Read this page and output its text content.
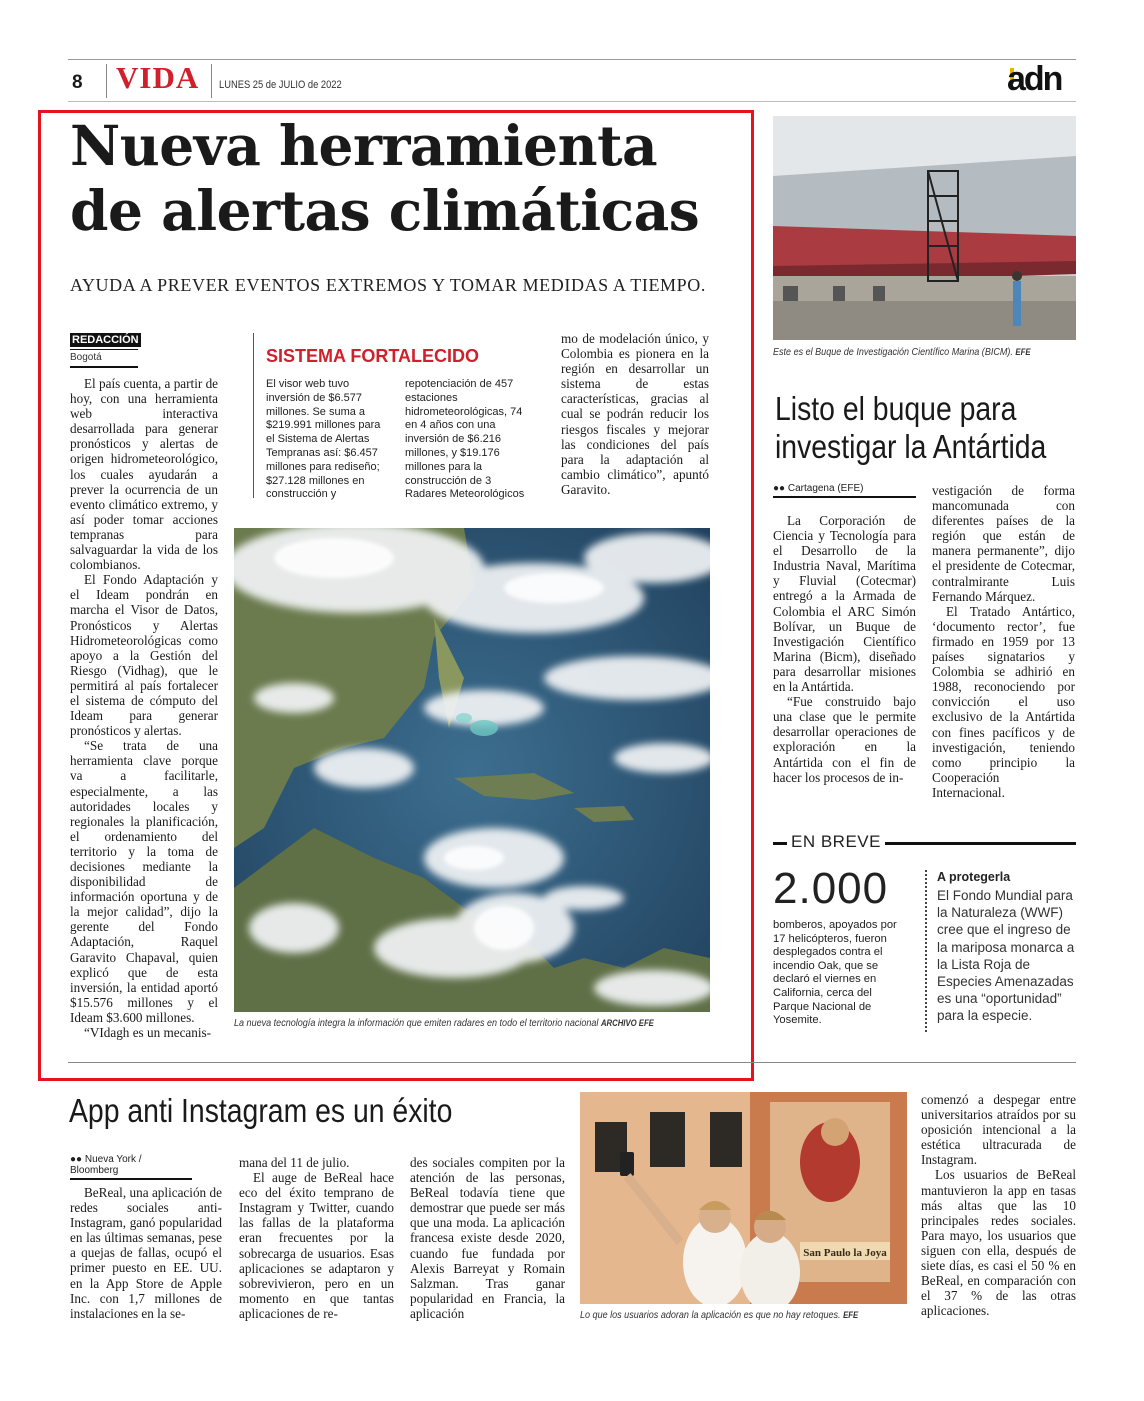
8 VIDA LUNES 25 de JULIO de 2022	adn
Nueva herramienta de alertas climáticas
AYUDA A PREVER EVENTOS EXTREMOS Y TOMAR MEDIDAS A TIEMPO.
REDACCIÓN
Bogotá

El país cuenta, a partir de hoy, con una herramienta web interactiva desarrollada para generar pronósticos y alertas de origen hidrometeorológico, los cuales ayudarán a prever la ocurrencia de un evento climático extremo, y así poder tomar acciones tempranas para salvaguardar la vida de los colombianos.

El Fondo Adaptación y el Ideam pondrán en marcha el Visor de Datos, Pronósticos y Alertas Hidrometeorológicas como apoyo a la Gestión del Riesgo (Vidhag), que le permitirá al país fortalecer el sistema de cómputo del Ideam para generar pronósticos y alertas.

“Se trata de una herramienta clave porque va a facilitarle, especialmente, a las autoridades locales y regionales la planificación, el ordenamiento del territorio y la toma de decisiones mediante la disponibilidad de información oportuna y de la mejor calidad”, dijo la gerente del Fondo Adaptación, Raquel Garavito Chapaval, quien explicó que de esta inversión, la entidad aportó $15.576 millones y el Ideam $3.600 millones.

“VIdagh es un mecanis-

SISTEMA FORTALECIDO
El visor web tuvo inversión de $6.577 millones. Se suma a $219.991 millones para el Sistema de Alertas Tempranas así: $6.457 millones para rediseño; $27.128 millones en construcción y
repotenciación de 457 estaciones hidrometeorológicas, 74 en 4 años con una inversión de $6.216 millones, y $19.176 millones para la construcción de 3 Radares Meteorológicos
mo de modelación único, y Colombia es pionera en la región en desarrollar un sistema de estas características, gracias al cual se podrán reducir los riesgos fiscales y mejorar las condiciones del país para la adaptación al cambio climático”, apuntó Garavito.
La nueva tecnología integra la información que emiten radares en todo el territorio nacional ARCHIVO EFE
Este es el Buque de Investigación Científico Marina (BICM). EFE
Listo el buque para investigar la Antártida
●● Cartagena (EFE)

La Corporación de Ciencia y Tecnología para el Desarrollo de la Industria Naval, Marítima y Fluvial (Cotecmar) entregó a la Armada de Colombia el ARC Simón Bolívar, un Buque de Investigación Científico Marina (Bicm), diseñado para desarrollar misiones en la Antártida.

“Fue construido bajo una clase que le permite desarrollar operaciones de exploración en la Antártida con el fin de hacer los procesos de in-

vestigación de forma mancomunada con diferentes países de la región que están de manera permanente”, dijo el presidente de Cotecmar, contralmirante Luis Fernando Márquez.

El Tratado Antártico, ‘documento rector’, fue firmado en 1959 por 13 países signatarios y Colombia se adhirió en 1988, reconociendo por convicción el uso exclusivo de la Antártida con fines pacíficos y de investigación, teniendo como principio la Cooperación Internacional.

EN BREVE
2.000
bomberos, apoyados por 17 helicópteros, fueron desplegados contra el incendio Oak, que se declaró el viernes en California, cerca del Parque Nacional de Yosemite.
A protegerla
El Fondo Mundial para la Naturaleza (WWF) cree que el ingreso de la mariposa monarca a la Lista Roja de Especies Amenazadas es una “oportunidad” para la especie.
App anti Instagram es un éxito
●● Nueva York / Bloomberg

BeReal, una aplicación de redes sociales anti-Instagram, ganó popularidad en las últimas semanas, pese a quejas de fallas, ocupó el primer puesto en EE. UU. en la App Store de Apple Inc. con 1,7 millones de instalaciones en la se-

mana del 11 de julio.

El auge de BeReal hace eco del éxito temprano de Instagram y Twitter, cuando las fallas de la plataforma eran frecuentes por la sobrecarga de usuarios. Esas aplicaciones se adaptaron y sobrevivieron, pero en un momento en que tantas aplicaciones de re-

des sociales compiten por la atención de las personas, BeReal todavía tiene que demostrar que puede ser más que una moda. La aplicación francesa existe desde 2020, cuando fue fundada por Alexis Barreyat y Romain Salzman. Tras ganar popularidad en Francia, la aplicación
San Paulo la Joya
Lo que los usuarios adoran la aplicación es que no hay retoques. EFE
comenzó a despegar entre universitarios atraídos por su oposición intencional a la estética ultracurada de Instagram.

Los usuarios de BeReal mantuvieron la app en tasas más altas que las 10 principales redes sociales. Para mayo, los usuarios que siguen con ella, después de siete días, es casi el 50 % en BeReal, en comparación con el 37 % de las otras aplicaciones.
